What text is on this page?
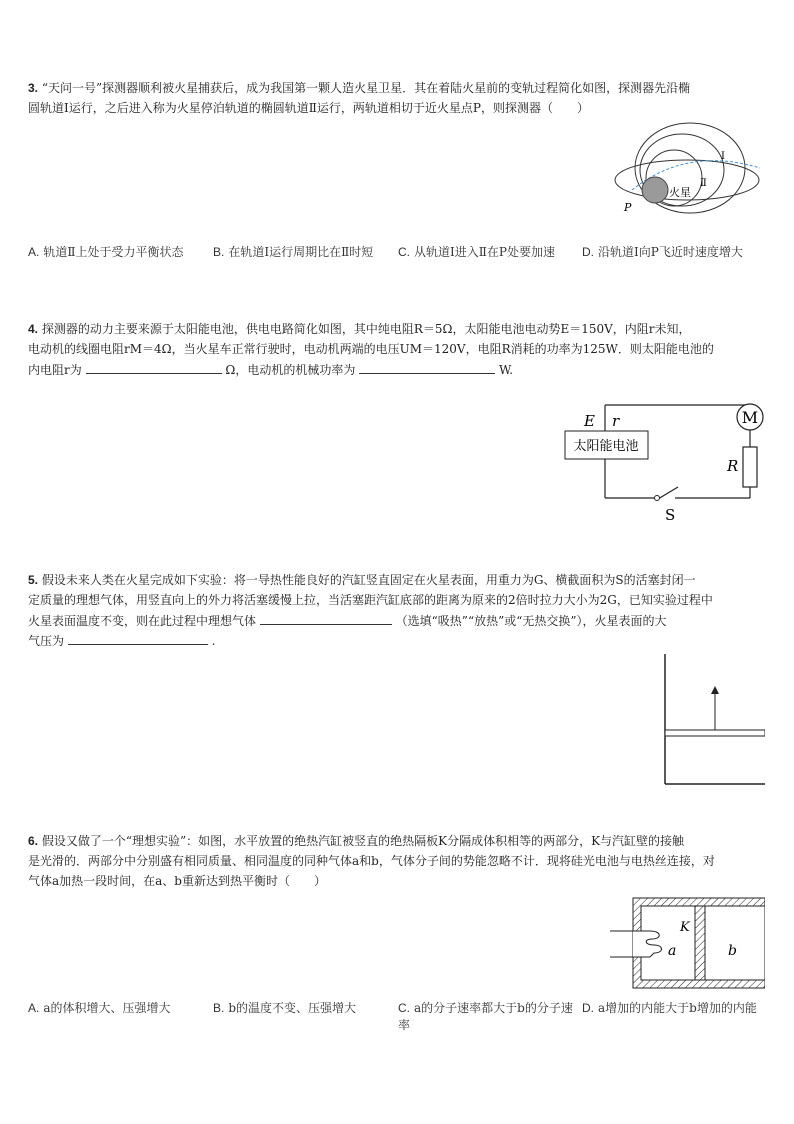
3. “天问一号”探测器顺利被火星捕获后，成为我国第一颗人造火星卫星．其在着陆火星前的变轨过程简化如图，探测器先沿椭
圆轨道Ⅰ运行，之后进入称为火星停泊轨道的椭圆轨道Ⅱ运行，两轨道相切于近火星点P，则探测器（　　）
火星
P
Ⅰ
Ⅱ
A. 轨道Ⅱ上处于受力平衡状态	B. 在轨道Ⅰ运行周期比在Ⅱ时短	C. 从轨道Ⅰ进入Ⅱ在P处要加速	D. 沿轨道Ⅰ向P飞近时速度增大
4. 探测器的动力主要来源于太阳能电池，供电电路简化如图，其中纯电阻R＝5Ω，太阳能电池电动势E＝150V，内阻r未知，
电动机的线圈电阻rM＝4Ω，当火星车正常行驶时，电动机两端的电压UM＝120V，电阻R消耗的功率为125W．则太阳能电池的
内电阻r为	Ω，电动机的机械功率为	W.
太阳能电池
E r	M
R
S
5. 假设未来人类在火星完成如下实验：将一导热性能良好的汽缸竖直固定在火星表面，用重力为G、横截面积为S的活塞封闭一
定质量的理想气体，用竖直向上的外力将活塞缓慢上拉，当活塞距汽缸底部的距离为原来的2倍时拉力大小为2G，已知实验过程中
火星表面温度不变，则在此过程中理想气体	（选填“吸热”“放热”或“无热交换”），火星表面的大
气压为	.
6. 假设又做了一个“理想实验”：如图，水平放置的绝热汽缸被竖直的绝热隔板K分隔成体积相等的两部分，K与汽缸壁的接触
是光滑的．两部分中分别盛有相同质量、相同温度的同种气体a和b，气体分子间的势能忽略不计．现将硅光电池与电热丝连接，对
气体a加热一段时间，在a、b重新达到热平衡时（　　）
K
a	b
A. a的体积增大、压强增大	B. b的温度不变、压强增大	C. a的分子速率都大于b的分子速率
D. a增加的内能大于b增加的内能
